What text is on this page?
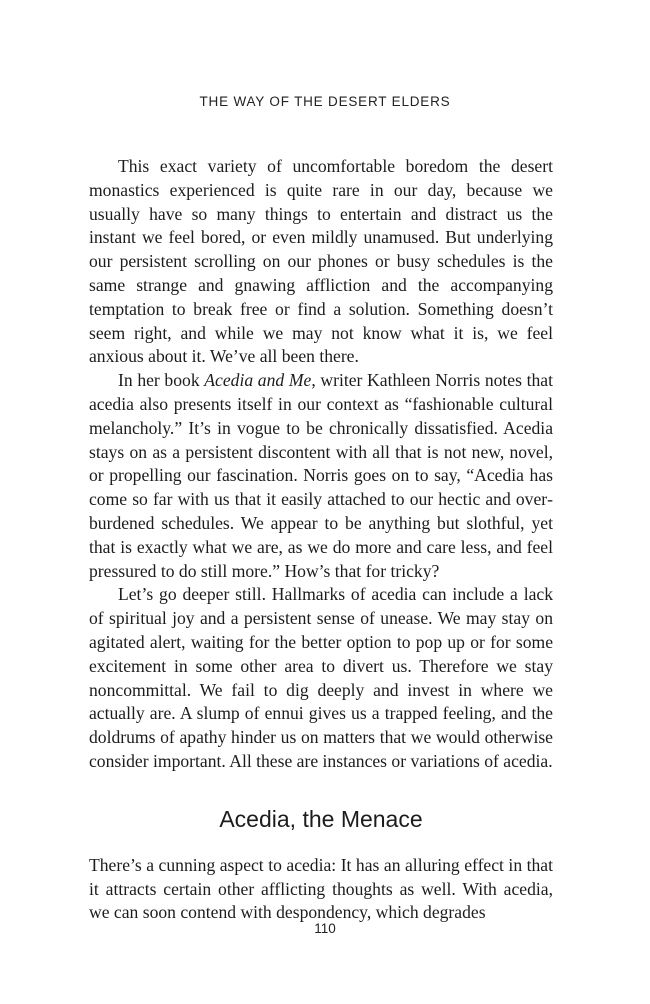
THE WAY OF THE DESERT ELDERS

This exact variety of uncomfortable boredom the desert monastics experienced is quite rare in our day, because we usually have so many things to entertain and distract us the instant we feel bored, or even mildly unamused. But underlying our persistent scrolling on our phones or busy schedules is the same strange and gnawing affliction and the accompanying temptation to break free or find a solution. Something doesn’t seem right, and while we may not know what it is, we feel anxious about it. We’ve all been there.

In her book Acedia and Me, writer Kathleen Norris notes that acedia also presents itself in our context as “fashionable cultural melancholy.” It’s in vogue to be chronically dissatisfied. Acedia stays on as a persistent discontent with all that is not new, novel, or propelling our fascination. Norris goes on to say, “Acedia has come so far with us that it easily attached to our hectic and overburdened schedules. We appear to be anything but slothful, yet that is exactly what we are, as we do more and care less, and feel pressured to do still more.” How’s that for tricky?

Let’s go deeper still. Hallmarks of acedia can include a lack of spiritual joy and a persistent sense of unease. We may stay on agitated alert, waiting for the better option to pop up or for some excitement in some other area to divert us. Therefore we stay noncommittal. We fail to dig deeply and invest in where we actually are. A slump of ennui gives us a trapped feeling, and the doldrums of apathy hinder us on matters that we would otherwise consider important. All these are instances or variations of acedia.

Acedia, the Menace

There’s a cunning aspect to acedia: It has an alluring effect in that it attracts certain other afflicting thoughts as well. With acedia, we can soon contend with despondency, which degrades

110
